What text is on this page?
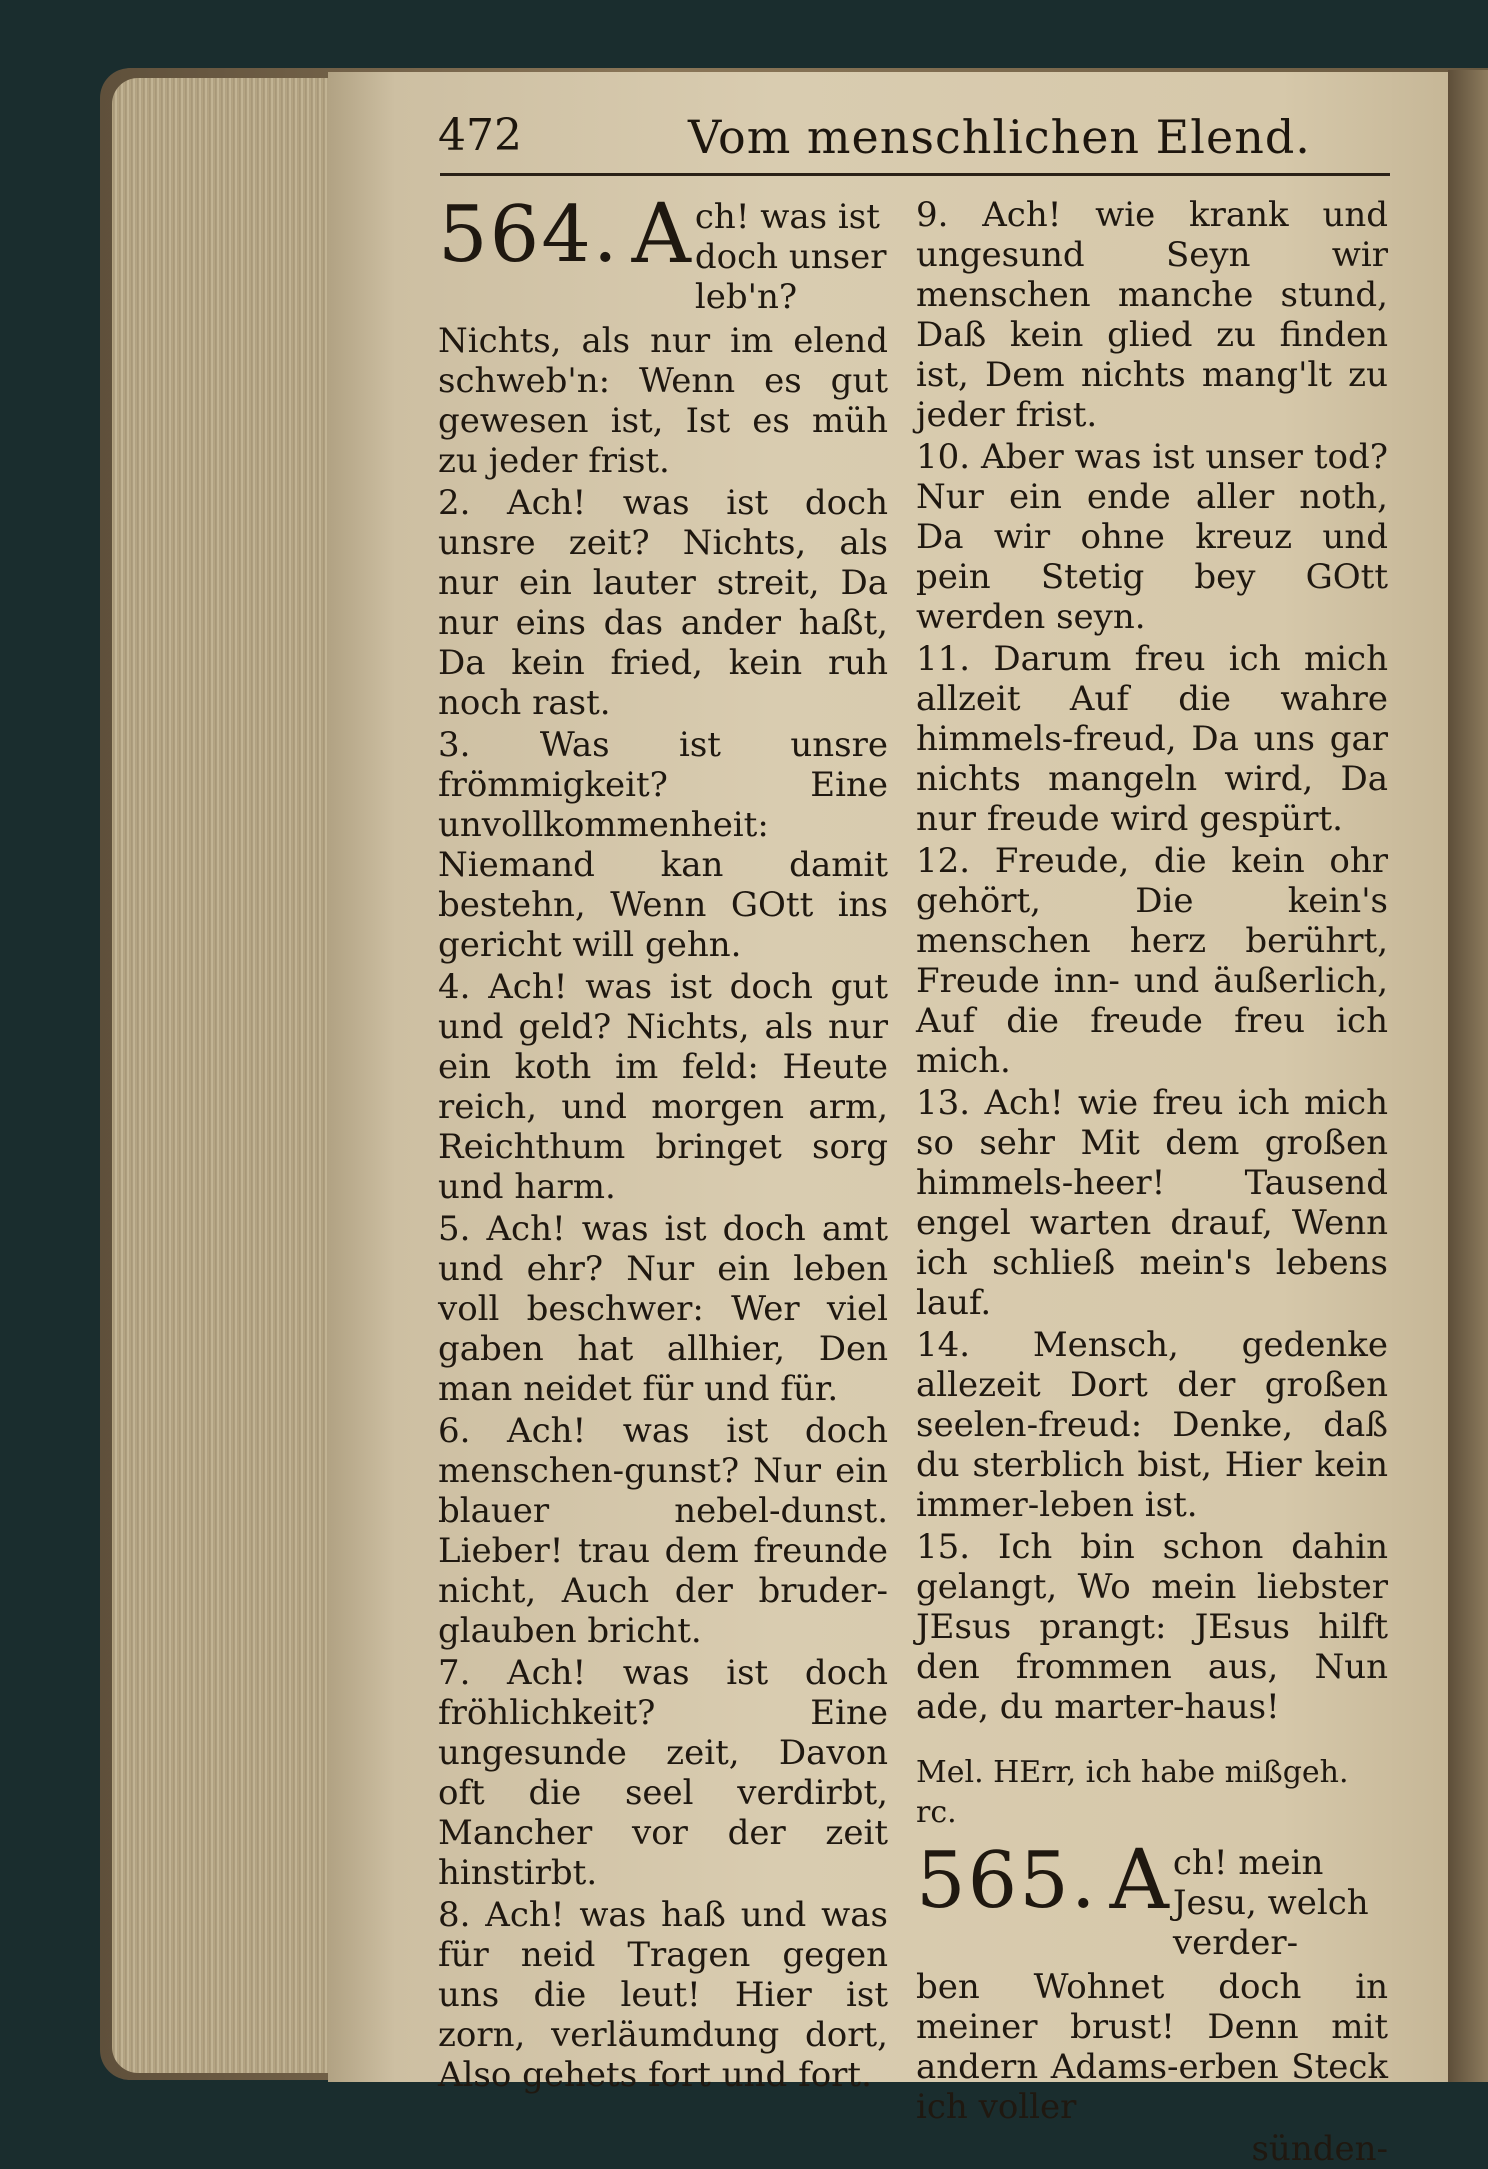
472	Vom menschlichen Elend.
564. A ch! was ist doch unser leb'n?

Nichts, als nur im elend schweb'n: Wenn es gut gewesen ist, Ist es müh zu jeder frist.

2. Ach! was ist doch unsre zeit? Nichts, als nur ein lauter streit, Da nur eins das ander haßt, Da kein fried, kein ruh noch rast.

3. Was ist unsre frömmigkeit? Eine unvollkommenheit: Niemand kan damit bestehn, Wenn GOtt ins gericht will gehn.

4. Ach! was ist doch gut und geld? Nichts, als nur ein koth im feld: Heute reich, und morgen arm, Reichthum bringet sorg und harm.

5. Ach! was ist doch amt und ehr? Nur ein leben voll beschwer: Wer viel gaben hat allhier, Den man neidet für und für.

6. Ach! was ist doch menschen-gunst? Nur ein blauer nebel-dunst. Lieber! trau dem freunde nicht, Auch der bruder-glauben bricht.

7. Ach! was ist doch fröhlichkeit? Eine ungesunde zeit, Davon oft die seel verdirbt, Mancher vor der zeit hinstirbt.

8. Ach! was haß und was für neid Tragen gegen uns die leut! Hier ist zorn, verläumdung dort, Also gehets fort und fort.

9. Ach! wie krank und ungesund Seyn wir menschen manche stund, Daß kein glied zu finden ist, Dem nichts mang'lt zu jeder frist.

10. Aber was ist unser tod? Nur ein ende aller noth, Da wir ohne kreuz und pein Stetig bey GOtt werden seyn.

11. Darum freu ich mich allzeit Auf die wahre himmels-freud, Da uns gar nichts mangeln wird, Da nur freude wird gespürt.

12. Freude, die kein ohr gehört, Die kein's menschen herz berührt, Freude inn- und äußerlich, Auf die freude freu ich mich.

13. Ach! wie freu ich mich so sehr Mit dem großen himmels-heer! Tausend engel warten drauf, Wenn ich schließ mein's lebens lauf.

14. Mensch, gedenke allezeit Dort der großen seelen-freud: Denke, daß du sterblich bist, Hier kein immer-leben ist.

15. Ich bin schon dahin gelangt, Wo mein liebster JEsus prangt: JEsus hilft den frommen aus, Nun ade, du marter-haus!

Mel. HErr, ich habe mißgeh. rc.
565. A ch! mein Jesu, welch verder-

ben Wohnet doch in meiner brust! Denn mit andern Adams-erben Steck ich voller

sünden-
